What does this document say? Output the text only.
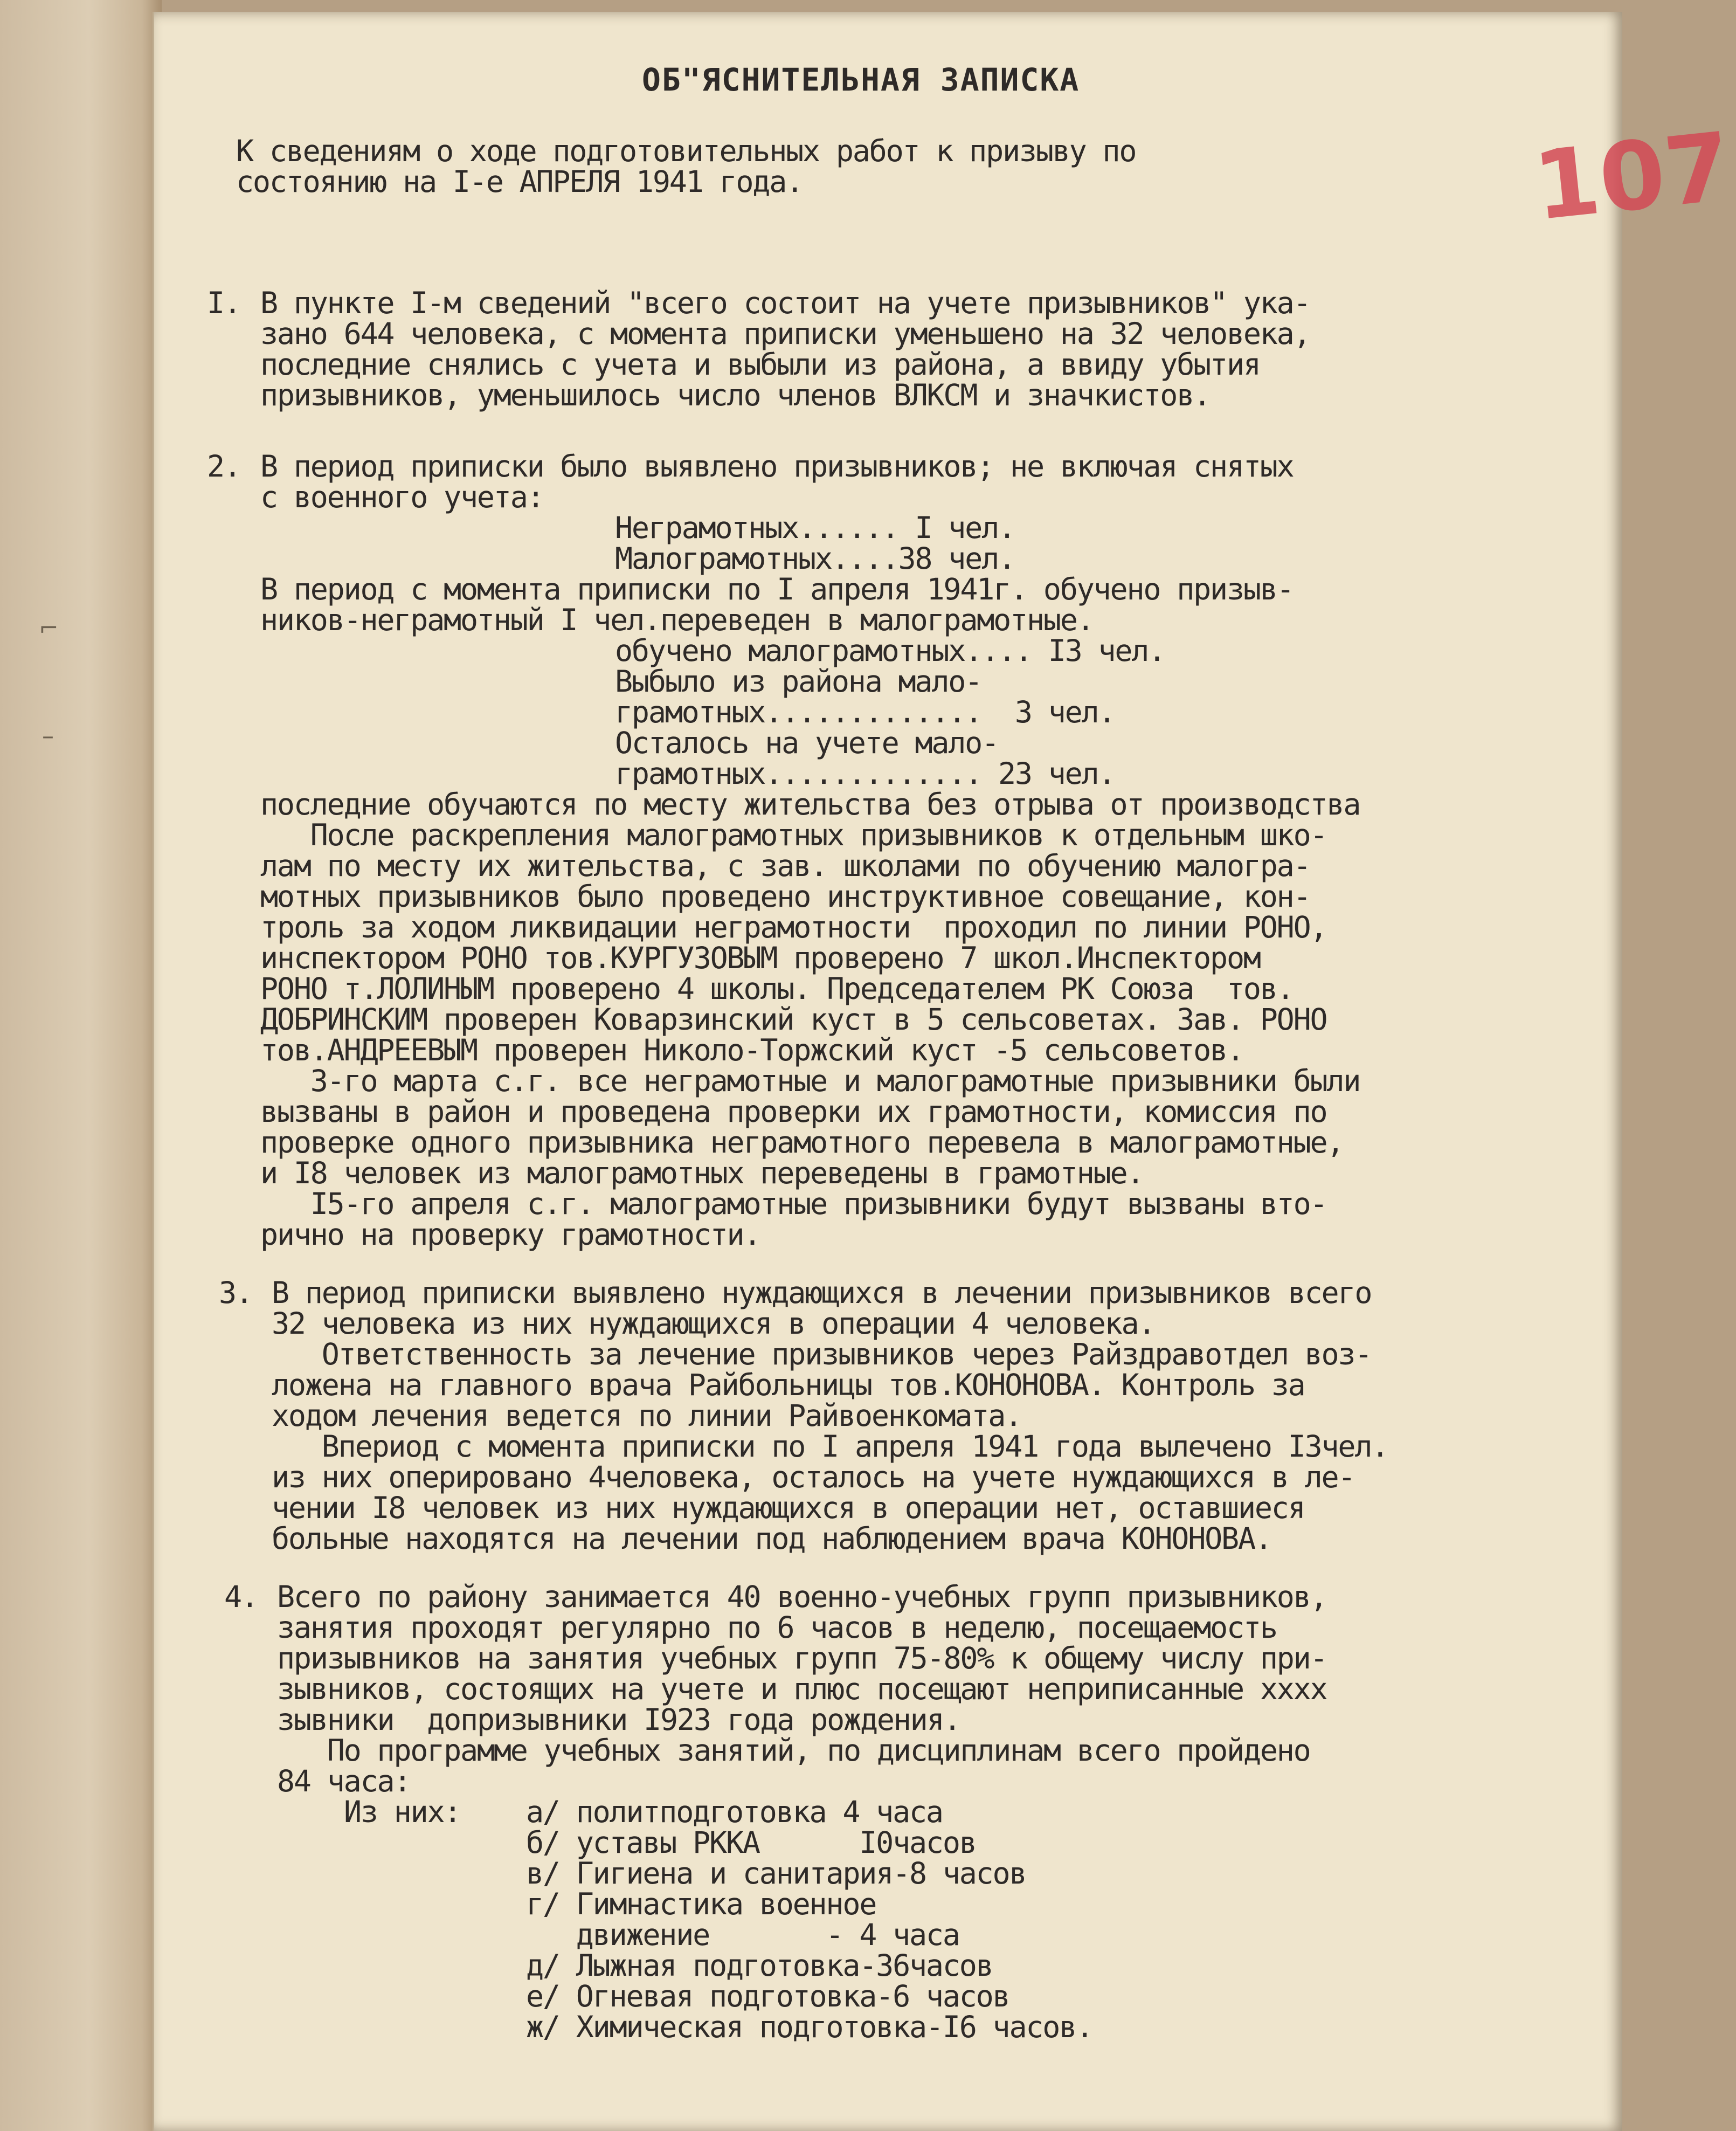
⌐
–
ОБ"ЯСНИТЕЛЬНАЯ ЗАПИСКА
107
К сведениям о ходе подготовительных работ к призыву по
состоянию на I-е АПРЕЛЯ 1941 года.
I. В пункте I-м сведений "всего состоит на учете призывников" ука-
зано 644 человека, с момента приписки уменьшено на 32 человека,
последние снялись с учета и выбыли из района, а ввиду убытия
призывников, уменьшилось число членов ВЛКСМ и значкистов.
2. В период приписки было выявлено призывников; не включая снятых
с военного учета:
Неграмотных...... I чел.
Малограмотных....38 чел.
В период с момента приписки по I апреля 1941г. обучено призыв-
ников-неграмотный I чел.переведен в малограмотные.
обучено малограмотных.... I3 чел.
Выбыло из района мало-
грамотных.............  3 чел.
Осталось на учете мало-
грамотных............. 23 чел.
последние обучаются по месту жительства без отрыва от производства
После раскрепления малограмотных призывников к отдельным шко-
лам по месту их жительства, с зав. школами по обучению малогра-
мотных призывников было проведено инструктивное совещание, кон-
троль за ходом ликвидации неграмотности  проходил по линии РОНО,
инспектором РОНО тов.КУРГУЗОВЫМ проверено 7 школ.Инспектором
РОНО т.ЛОЛИНЫМ проверено 4 школы. Председателем РК Союза  тов.
ДОБРИНСКИМ проверен Коварзинский куст в 5 сельсоветах. Зав. РОНО
тов.АНДРЕЕВЫМ проверен Николо-Торжский куст -5 сельсоветов.
3-го марта с.г. все неграмотные и малограмотные призывники были
вызваны в район и проведена проверки их грамотности, комиссия по
проверке одного призывника неграмотного перевела в малограмотные,
и I8 человек из малограмотных переведены в грамотные.
I5-го апреля с.г. малограмотные призывники будут вызваны вто-
рично на проверку грамотности.
3. В период приписки выявлено нуждающихся в лечении призывников всего
32 человека из них нуждающихся в операции 4 человека.
Ответственность за лечение призывников через Райздравотдел воз-
ложена на главного врача Райбольницы тов.КОНОНОВА. Контроль за
ходом лечения ведется по линии Райвоенкомата.
Впериод с момента приписки по I апреля 1941 года вылечено I3чел.
из них оперировано 4человека, осталось на учете нуждающихся в ле-
чении I8 человек из них нуждающихся в операции нет, оставшиеся
больные находятся на лечении под наблюдением врача КОНОНОВА.
4. Всего по району занимается 40 военно-учебных групп призывников,
занятия проходят регулярно по 6 часов в неделю, посещаемость
призывников на занятия учебных групп 75-80% к общему числу при-
зывников, состоящих на учете и плюс посещают неприписанные хххх
зывники  допризывники I923 года рождения.
По программе учебных занятий, по дисциплинам всего пройдено
84 часа:
Из них: а/ политподготовка 4 часа
б/ уставы РККА      I0часов
в/ Гигиена и санитария-8 часов
г/ Гимнастика военное
движение       - 4 часа
д/ Лыжная подготовка-36часов
е/ Огневая подготовка-6 часов
ж/ Химическая подготовка-I6 часов.
